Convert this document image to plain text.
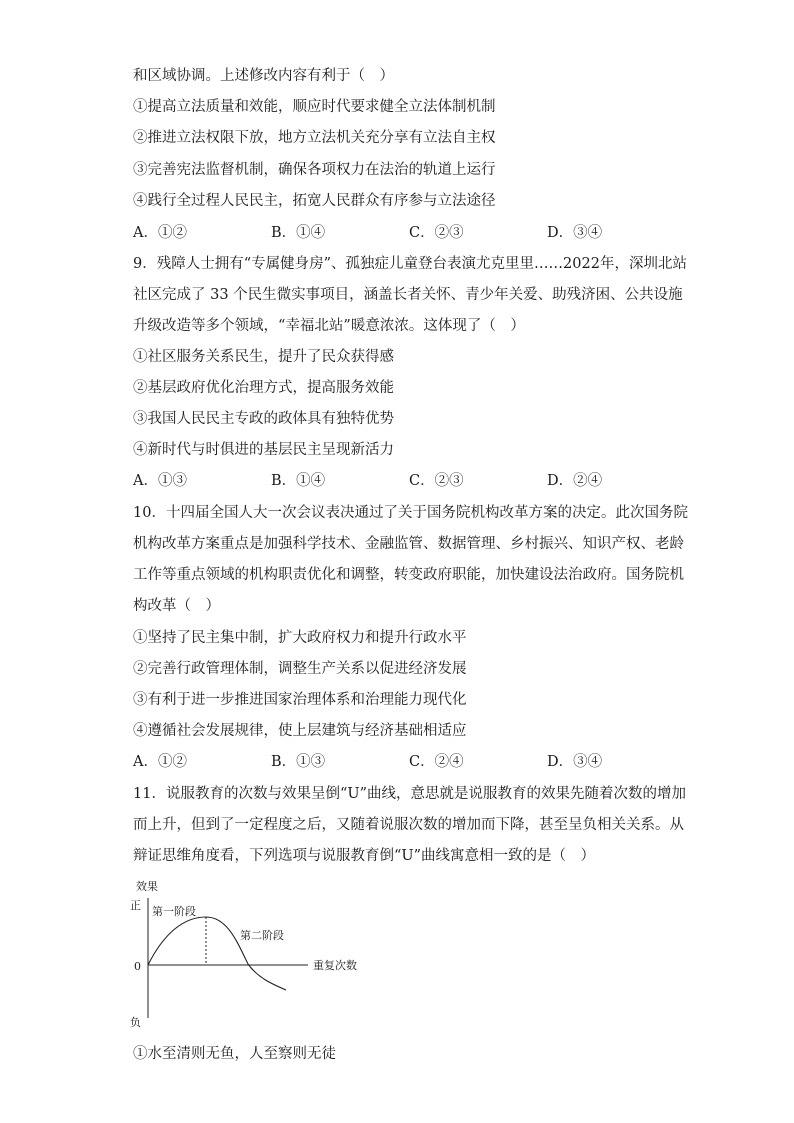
和区域协调。上述修改内容有利于（　）
①提高立法质量和效能，顺应时代要求健全立法体制机制
②推进立法权限下放，地方立法机关充分享有立法自主权
③完善宪法监督机制，确保各项权力在法治的轨道上运行
④践行全过程人民民主，拓宽人民群众有序参与立法途径
A．①②	B．①④	C．②③	D．③④
9．残障人士拥有“专属健身房”、孤独症儿童登台表演尤克里里……2022年，深圳北站
社区完成了 33 个民生微实事项目，涵盖长者关怀、青少年关爱、助残济困、公共设施
升级改造等多个领域，“幸福北站”暖意浓浓。这体现了（　）
①社区服务关系民生，提升了民众获得感
②基层政府优化治理方式，提高服务效能
③我国人民民主专政的政体具有独特优势
④新时代与时俱进的基层民主呈现新活力
A．①③	B．①④	C．②③	D．②④
10．十四届全国人大一次会议表决通过了关于国务院机构改革方案的决定。此次国务院
机构改革方案重点是加强科学技术、金融监管、数据管理、乡村振兴、知识产权、老龄
工作等重点领域的机构职责优化和调整，转变政府职能，加快建设法治政府。国务院机
构改革（　）
①坚持了民主集中制，扩大政府权力和提升行政水平
②完善行政管理体制，调整生产关系以促进经济发展
③有利于进一步推进国家治理体系和治理能力现代化
④遵循社会发展规律，使上层建筑与经济基础相适应
A．①②	B．①③	C．②④	D．③④
11．说服教育的次数与效果呈倒“U”曲线，意思就是说服教育的效果先随着次数的增加
而上升，但到了一定程度之后，又随着说服次数的增加而下降，甚至呈负相关关系。从
辩证思维角度看，下列选项与说服教育倒“U”曲线寓意相一致的是（　）
效果
正
0
负
重复次数
第一阶段
第二阶段
①水至清则无鱼，人至察则无徒
